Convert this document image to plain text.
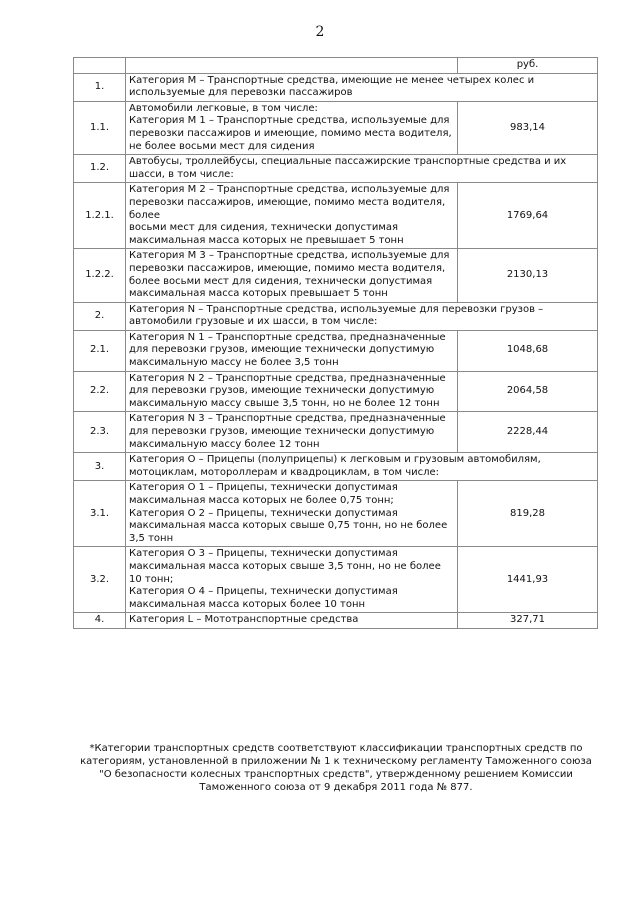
2
		руб.
1.	Категория М – Транспортные средства, имеющие не менее четырех колес и используемые для перевозки пассажиров	
1.1.	Автомобили легковые, в том числе:
Категория М 1 – Транспортные средства, используемые для перевозки пассажиров и имеющие, помимо места водителя, не более восьми мест для сидения	983,14
1.2.	Автобусы, троллейбусы, специальные пассажирские транспортные средства и их шасси, в том числе:	
1.2.1.	Категория М 2 – Транспортные средства, используемые для перевозки пассажиров, имеющие, помимо места водителя, более
восьми мест для сидения, технически допустимая максимальная масса которых не превышает 5 тонн	1769,64
1.2.2.	Категория М 3 – Транспортные средства, используемые для перевозки пассажиров, имеющие, помимо места водителя, более восьми мест для сидения, технически допустимая максимальная масса которых превышает 5 тонн	2130,13
2.	Категория N – Транспортные средства, используемые для перевозки грузов – автомобили грузовые и их шасси, в том числе:	
2.1.	Категория N 1 – Транспортные средства, предназначенные для перевозки грузов, имеющие технически допустимую максимальную массу не более 3,5 тонн	1048,68
2.2.	Категория N 2 – Транспортные средства, предназначенные для перевозки грузов, имеющие технически допустимую максимальную массу свыше 3,5 тонн, но не более 12 тонн	2064,58
2.3.	Категория N 3 – Транспортные средства, предназначенные для перевозки грузов, имеющие технически допустимую максимальную массу более 12 тонн	2228,44
3.	Категория О – Прицепы (полуприцепы) к легковым и грузовым автомобилям, мотоциклам, мотороллерам и квадроциклам, в том числе:	
3.1.	Категория О 1 – Прицепы, технически допустимая максимальная масса которых не более 0,75 тонн;
Категория О 2 – Прицепы, технически допустимая максимальная масса которых свыше 0,75 тонн, но не более 3,5 тонн	819,28
3.2.	Категория О 3 – Прицепы, технически допустимая максимальная масса которых свыше 3,5 тонн, но не более 10 тонн;
Категория О 4 – Прицепы, технически допустимая максимальная масса которых более 10 тонн	1441,93
4.	Категория L – Мототранспортные средства	327,71
*Категории транспортных средств соответствуют классификации транспортных средств по категориям, установленной в приложении № 1 к техническому регламенту Таможенного союза "О безопасности колесных транспортных средств", утвержденному решением Комиссии Таможенного союза от 9 декабря 2011 года № 877.
